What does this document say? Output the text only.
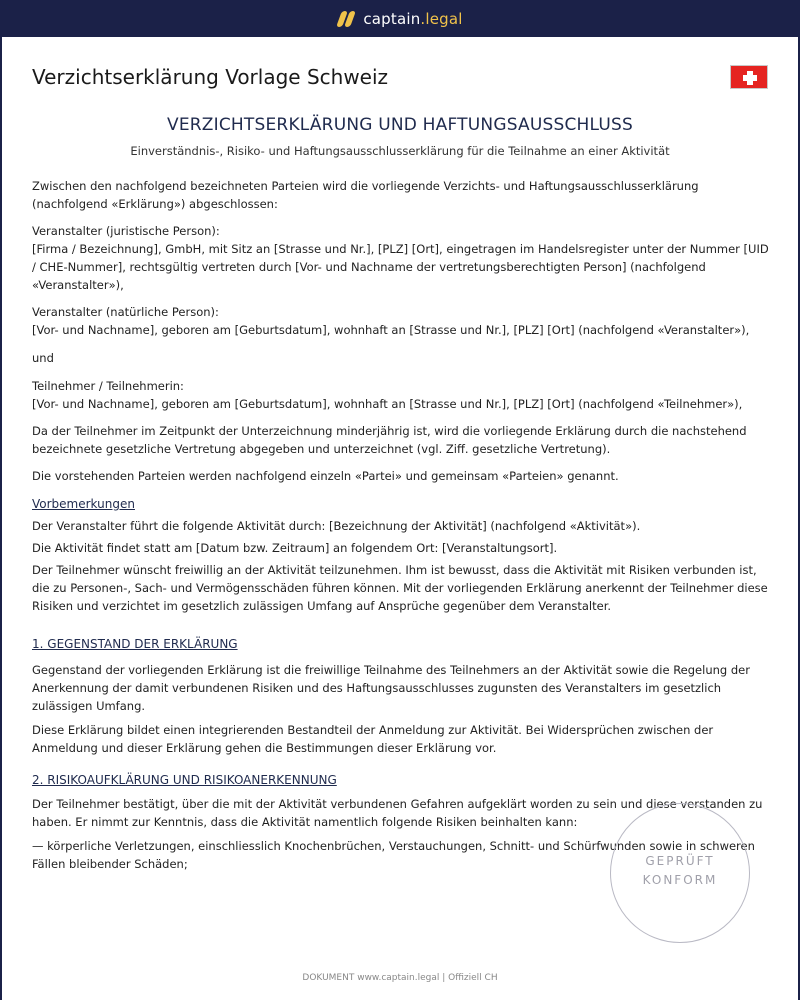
captain.legal
Verzichtserklärung Vorlage Schweiz
VERZICHTSERKLÄRUNG UND HAFTUNGSAUSSCHLUSS
Einverständnis-, Risiko- und Haftungsausschlusserklärung für die Teilnahme an einer Aktivität

Zwischen den nachfolgend bezeichneten Parteien wird die vorliegende Verzichts- und Haftungsausschlusserklärung (nachfolgend «Erklärung») abgeschlossen:

Veranstalter (juristische Person):

[Firma / Bezeichnung], GmbH, mit Sitz an [Strasse und Nr.], [PLZ] [Ort], eingetragen im Handelsregister unter der Nummer [UID / CHE-Nummer], rechtsgültig vertreten durch [Vor- und Nachname der vertretungsberechtigten Person] (nachfolgend «Veranstalter»),

Veranstalter (natürliche Person):

[Vor- und Nachname], geboren am [Geburtsdatum], wohnhaft an [Strasse und Nr.], [PLZ] [Ort] (nachfolgend «Veranstalter»),

und

Teilnehmer / Teilnehmerin:

[Vor- und Nachname], geboren am [Geburtsdatum], wohnhaft an [Strasse und Nr.], [PLZ] [Ort] (nachfolgend «Teilnehmer»),

Da der Teilnehmer im Zeitpunkt der Unterzeichnung minderjährig ist, wird die vorliegende Erklärung durch die nachstehend bezeichnete gesetzliche Vertretung abgegeben und unterzeichnet (vgl. Ziff. gesetzliche Vertretung).

Die vorstehenden Parteien werden nachfolgend einzeln «Partei» und gemeinsam «Parteien» genannt.

Vorbemerkungen

Der Veranstalter führt die folgende Aktivität durch: [Bezeichnung der Aktivität] (nachfolgend «Aktivität»).

Die Aktivität findet statt am [Datum bzw. Zeitraum] an folgendem Ort: [Veranstaltungsort].

Der Teilnehmer wünscht freiwillig an der Aktivität teilzunehmen. Ihm ist bewusst, dass die Aktivität mit Risiken verbunden ist, die zu Personen-, Sach- und Vermögensschäden führen können. Mit der vorliegenden Erklärung anerkennt der Teilnehmer diese Risiken und verzichtet im gesetzlich zulässigen Umfang auf Ansprüche gegenüber dem Veranstalter.

1. GEGENSTAND DER ERKLÄRUNG

Gegenstand der vorliegenden Erklärung ist die freiwillige Teilnahme des Teilnehmers an der Aktivität sowie die Regelung der Anerkennung der damit verbundenen Risiken und des Haftungsausschlusses zugunsten des Veranstalters im gesetzlich zulässigen Umfang.

Diese Erklärung bildet einen integrierenden Bestandteil der Anmeldung zur Aktivität. Bei Widersprüchen zwischen der Anmeldung und dieser Erklärung gehen die Bestimmungen dieser Erklärung vor.

2. RISIKOAUFKLÄRUNG UND RISIKOANERKENNUNG

Der Teilnehmer bestätigt, über die mit der Aktivität verbundenen Gefahren aufgeklärt worden zu sein und diese verstanden zu haben. Er nimmt zur Kenntnis, dass die Aktivität namentlich folgende Risiken beinhalten kann:

— körperliche Verletzungen, einschliesslich Knochenbrüchen, Verstauchungen, Schnitt- und Schürfwunden sowie in schweren Fällen bleibender Schäden;	GEPRÜFT
KONFORM
DOKUMENT www.captain.legal | Offiziell CH
